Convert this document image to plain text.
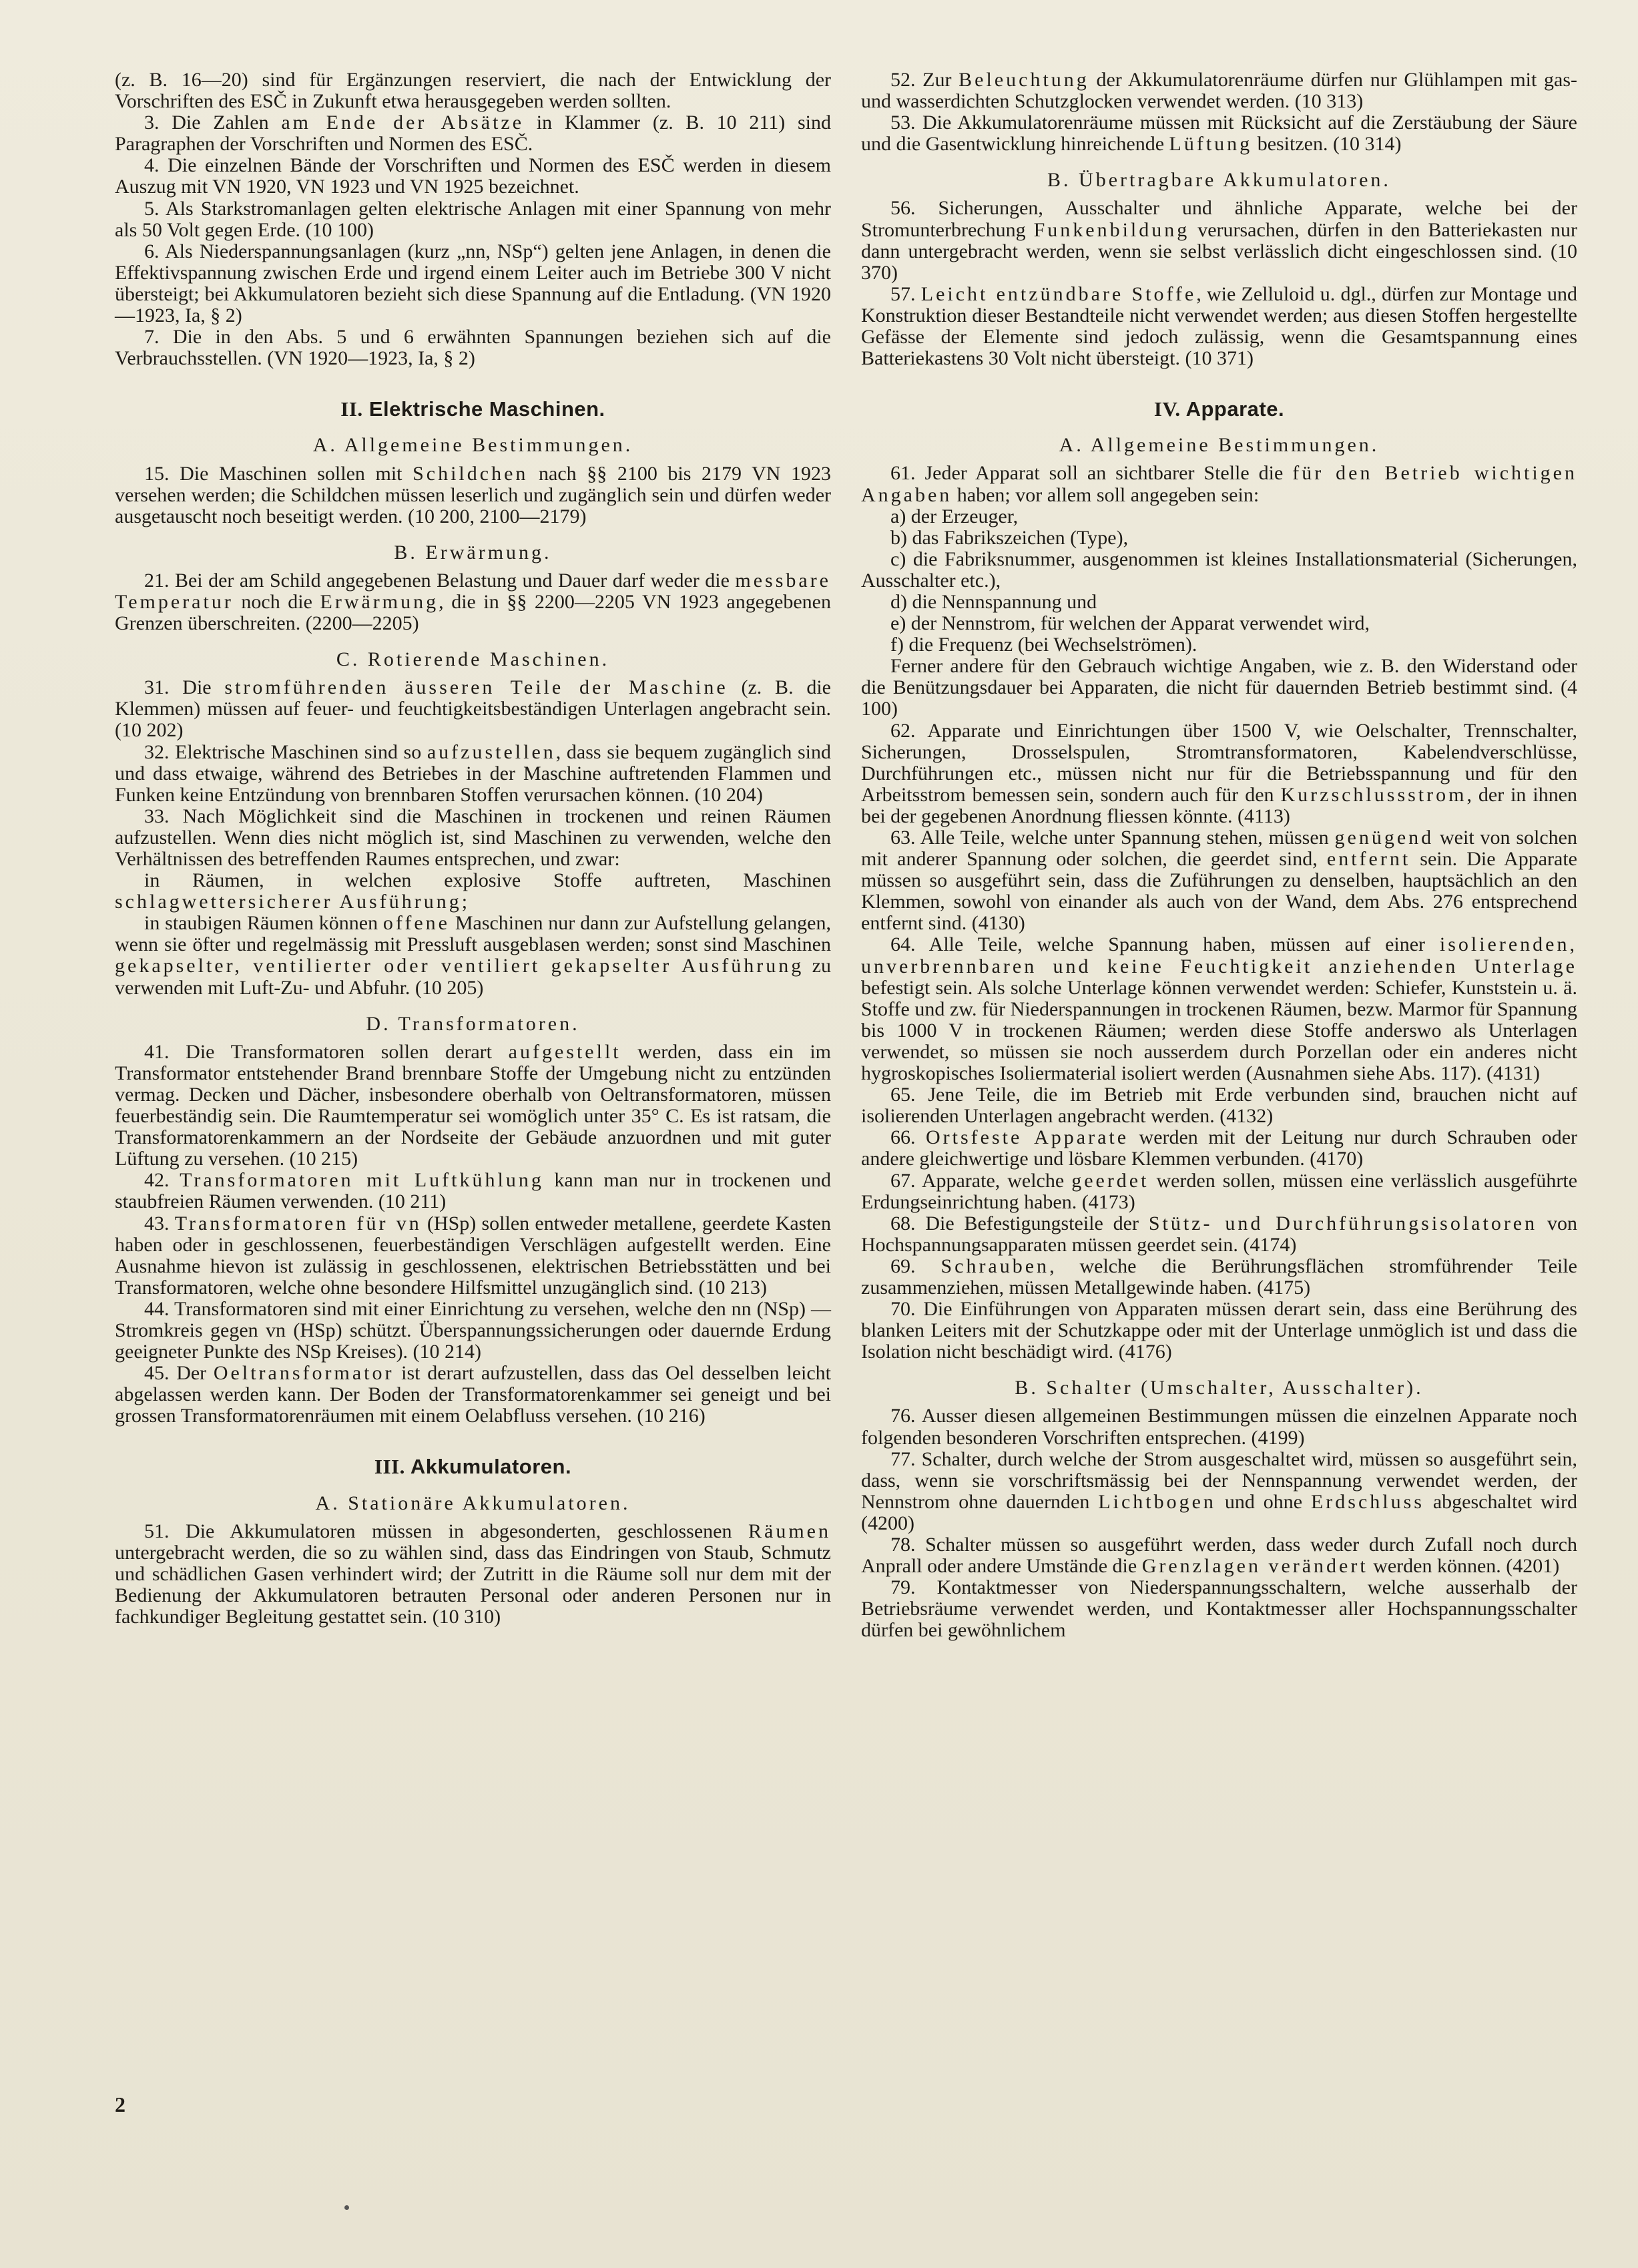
(z. B. 16—20) sind für Ergänzungen reserviert, die nach der Entwicklung der Vorschriften des ESČ in Zukunft etwa herausgegeben werden sollten.

3. Die Zahlen am Ende der Absätze in Klammer (z. B. 10 211) sind Paragraphen der Vorschriften und Normen des ESČ.

4. Die einzelnen Bände der Vorschriften und Normen des ESČ werden in diesem Auszug mit VN 1920, VN 1923 und VN 1925 bezeichnet.

5. Als Starkstromanlagen gelten elektrische Anlagen mit einer Spannung von mehr als 50 Volt gegen Erde. (10 100)

6. Als Niederspannungsanlagen (kurz „nn, NSp“) gelten jene Anlagen, in denen die Effektivspannung zwischen Erde und irgend einem Leiter auch im Betriebe 300 V nicht übersteigt; bei Akkumulatoren bezieht sich diese Spannung auf die Entladung. (VN 1920—1923, Ia, § 2)

7. Die in den Abs. 5 und 6 erwähnten Spannungen beziehen sich auf die Verbrauchsstellen. (VN 1920—1923, Ia, § 2)

II. Elektrische Maschinen.
A. Allgemeine Bestimmungen.

15. Die Maschinen sollen mit Schildchen nach §§ 2100 bis 2179 VN 1923 versehen werden; die Schildchen müssen leserlich und zugänglich sein und dürfen weder ausgetauscht noch beseitigt werden. (10 200, 2100—2179)

B. Erwärmung.

21. Bei der am Schild angegebenen Belastung und Dauer darf weder die messbare Temperatur noch die Erwärmung, die in §§ 2200—2205 VN 1923 angegebenen Grenzen überschreiten. (2200—2205)

C. Rotierende Maschinen.

31. Die stromführenden äusseren Teile der Maschine (z. B. die Klemmen) müssen auf feuer- und feuchtigkeitsbeständigen Unterlagen angebracht sein. (10 202)

32. Elektrische Maschinen sind so aufzustellen, dass sie bequem zugänglich sind und dass etwaige, während des Betriebes in der Maschine auftretenden Flammen und Funken keine Entzündung von brennbaren Stoffen verursachen können. (10 204)

33. Nach Möglichkeit sind die Maschinen in trockenen und reinen Räumen aufzustellen. Wenn dies nicht möglich ist, sind Maschinen zu verwenden, welche den Verhältnissen des betreffenden Raumes entsprechen, und zwar:

in Räumen, in welchen explosive Stoffe auftreten, Maschinen schlagwettersicherer Ausführung;

in staubigen Räumen können offene Maschinen nur dann zur Aufstellung gelangen, wenn sie öfter und regelmässig mit Pressluft ausgeblasen werden; sonst sind Maschinen gekapselter, ventilierter oder ventiliert gekapselter Ausführung zu verwenden mit Luft-Zu- und Abfuhr. (10 205)

D. Transformatoren.

41. Die Transformatoren sollen derart aufgestellt werden, dass ein im Transformator entstehender Brand brennbare Stoffe der Umgebung nicht zu entzünden vermag. Decken und Dächer, insbesondere oberhalb von Oeltransformatoren, müssen feuerbeständig sein. Die Raumtemperatur sei womöglich unter 35° C. Es ist ratsam, die Transformatorenkammern an der Nordseite der Gebäude anzuordnen und mit guter Lüftung zu versehen. (10 215)

42. Transformatoren mit Luftkühlung kann man nur in trockenen und staubfreien Räumen verwenden. (10 211)

43. Transformatoren für vn (HSp) sollen entweder metallene, geerdete Kasten haben oder in geschlossenen, feuerbeständigen Verschlägen aufgestellt werden. Eine Ausnahme hievon ist zulässig in geschlossenen, elektrischen Betriebsstätten und bei Transformatoren, welche ohne besondere Hilfsmittel unzugänglich sind. (10 213)

44. Transformatoren sind mit einer Einrichtung zu versehen, welche den nn (NSp) — Stromkreis gegen vn (HSp) schützt. Überspannungssicherungen oder dauernde Erdung geeigneter Punkte des NSp Kreises). (10 214)

45. Der Oeltransformator ist derart aufzustellen, dass das Oel desselben leicht abgelassen werden kann. Der Boden der Transformatorenkammer sei geneigt und bei grossen Transformatorenräumen mit einem Oelabfluss versehen. (10 216)

III. Akkumulatoren.
A. Stationäre Akkumulatoren.

51. Die Akkumulatoren müssen in abgesonderten, geschlossenen Räumen untergebracht werden, die so zu wählen sind, dass das Eindringen von Staub, Schmutz und schädlichen Gasen verhindert wird; der Zutritt in die Räume soll nur dem mit der Bedienung der Akkumulatoren betrauten Personal oder anderen Personen nur in fachkundiger Begleitung gestattet sein. (10 310)

52. Zur Beleuchtung der Akkumulatorenräume dürfen nur Glühlampen mit gas- und wasserdichten Schutzglocken verwendet werden. (10 313)

53. Die Akkumulatorenräume müssen mit Rücksicht auf die Zerstäubung der Säure und die Gasentwicklung hinreichende Lüftung besitzen. (10 314)

B. Übertragbare Akkumulatoren.

56. Sicherungen, Ausschalter und ähnliche Apparate, welche bei der Stromunterbrechung Funkenbildung verursachen, dürfen in den Batteriekasten nur dann untergebracht werden, wenn sie selbst verlässlich dicht eingeschlossen sind. (10 370)

57. Leicht entzündbare Stoffe, wie Zelluloid u. dgl., dürfen zur Montage und Konstruktion dieser Bestandteile nicht verwendet werden; aus diesen Stoffen hergestellte Gefässe der Elemente sind jedoch zulässig, wenn die Gesamtspannung eines Batteriekastens 30 Volt nicht übersteigt. (10 371)

IV. Apparate.
A. Allgemeine Bestimmungen.

61. Jeder Apparat soll an sichtbarer Stelle die für den Betrieb wichtigen Angaben haben; vor allem soll angegeben sein:

a) der Erzeuger,

b) das Fabrikszeichen (Type),

c) die Fabriksnummer, ausgenommen ist kleines Installationsmaterial (Sicherungen, Ausschalter etc.),

d) die Nennspannung und

e) der Nennstrom, für welchen der Apparat verwendet wird,

f) die Frequenz (bei Wechselströmen).

Ferner andere für den Gebrauch wichtige Angaben, wie z. B. den Widerstand oder die Benützungsdauer bei Apparaten, die nicht für dauernden Betrieb bestimmt sind. (4 100)

62. Apparate und Einrichtungen über 1500 V, wie Oelschalter, Trennschalter, Sicherungen, Drosselspulen, Stromtransformatoren, Kabelendverschlüsse, Durchführungen etc., müssen nicht nur für die Betriebsspannung und für den Arbeitsstrom bemessen sein, sondern auch für den Kurzschlussstrom, der in ihnen bei der gegebenen Anordnung fliessen könnte. (4113)

63. Alle Teile, welche unter Spannung stehen, müssen genügend weit von solchen mit anderer Spannung oder solchen, die geerdet sind, entfernt sein. Die Apparate müssen so ausgeführt sein, dass die Zuführungen zu denselben, hauptsächlich an den Klemmen, sowohl von einander als auch von der Wand, dem Abs. 276 entsprechend entfernt sind. (4130)

64. Alle Teile, welche Spannung haben, müssen auf einer isolierenden, unverbrennbaren und keine Feuchtigkeit anziehenden Unterlage befestigt sein. Als solche Unterlage können verwendet werden: Schiefer, Kunststein u. ä. Stoffe und zw. für Niederspannungen in trockenen Räumen, bezw. Marmor für Spannung bis 1000 V in trockenen Räumen; werden diese Stoffe anderswo als Unterlagen verwendet, so müssen sie noch ausserdem durch Porzellan oder ein anderes nicht hygroskopisches Isoliermaterial isoliert werden (Ausnahmen siehe Abs. 117). (4131)

65. Jene Teile, die im Betrieb mit Erde verbunden sind, brauchen nicht auf isolierenden Unterlagen angebracht werden. (4132)

66. Ortsfeste Apparate werden mit der Leitung nur durch Schrauben oder andere gleichwertige und lösbare Klemmen verbunden. (4170)

67. Apparate, welche geerdet werden sollen, müssen eine verlässlich ausgeführte Erdungseinrichtung haben. (4173)

68. Die Befestigungsteile der Stütz- und Durchführungsisolatoren von Hochspannungsapparaten müssen geerdet sein. (4174)

69. Schrauben, welche die Berührungsflächen stromführender Teile zusammenziehen, müssen Metallgewinde haben. (4175)

70. Die Einführungen von Apparaten müssen derart sein, dass eine Berührung des blanken Leiters mit der Schutzkappe oder mit der Unterlage unmöglich ist und dass die Isolation nicht beschädigt wird. (4176)

B. Schalter (Umschalter, Ausschalter).

76. Ausser diesen allgemeinen Bestimmungen müssen die einzelnen Apparate noch folgenden besonderen Vorschriften entsprechen. (4199)

77. Schalter, durch welche der Strom ausgeschaltet wird, müssen so ausgeführt sein, dass, wenn sie vorschriftsmässig bei der Nennspannung verwendet werden, der Nennstrom ohne dauernden Lichtbogen und ohne Erdschluss abgeschaltet wird (4200)

78. Schalter müssen so ausgeführt werden, dass weder durch Zufall noch durch Anprall oder andere Umstände die Grenzlagen verändert werden können. (4201)

79. Kontaktmesser von Niederspannungsschaltern, welche ausserhalb der Betriebsräume verwendet werden, und Kontaktmesser aller Hochspannungsschalter dürfen bei gewöhnlichem

2
